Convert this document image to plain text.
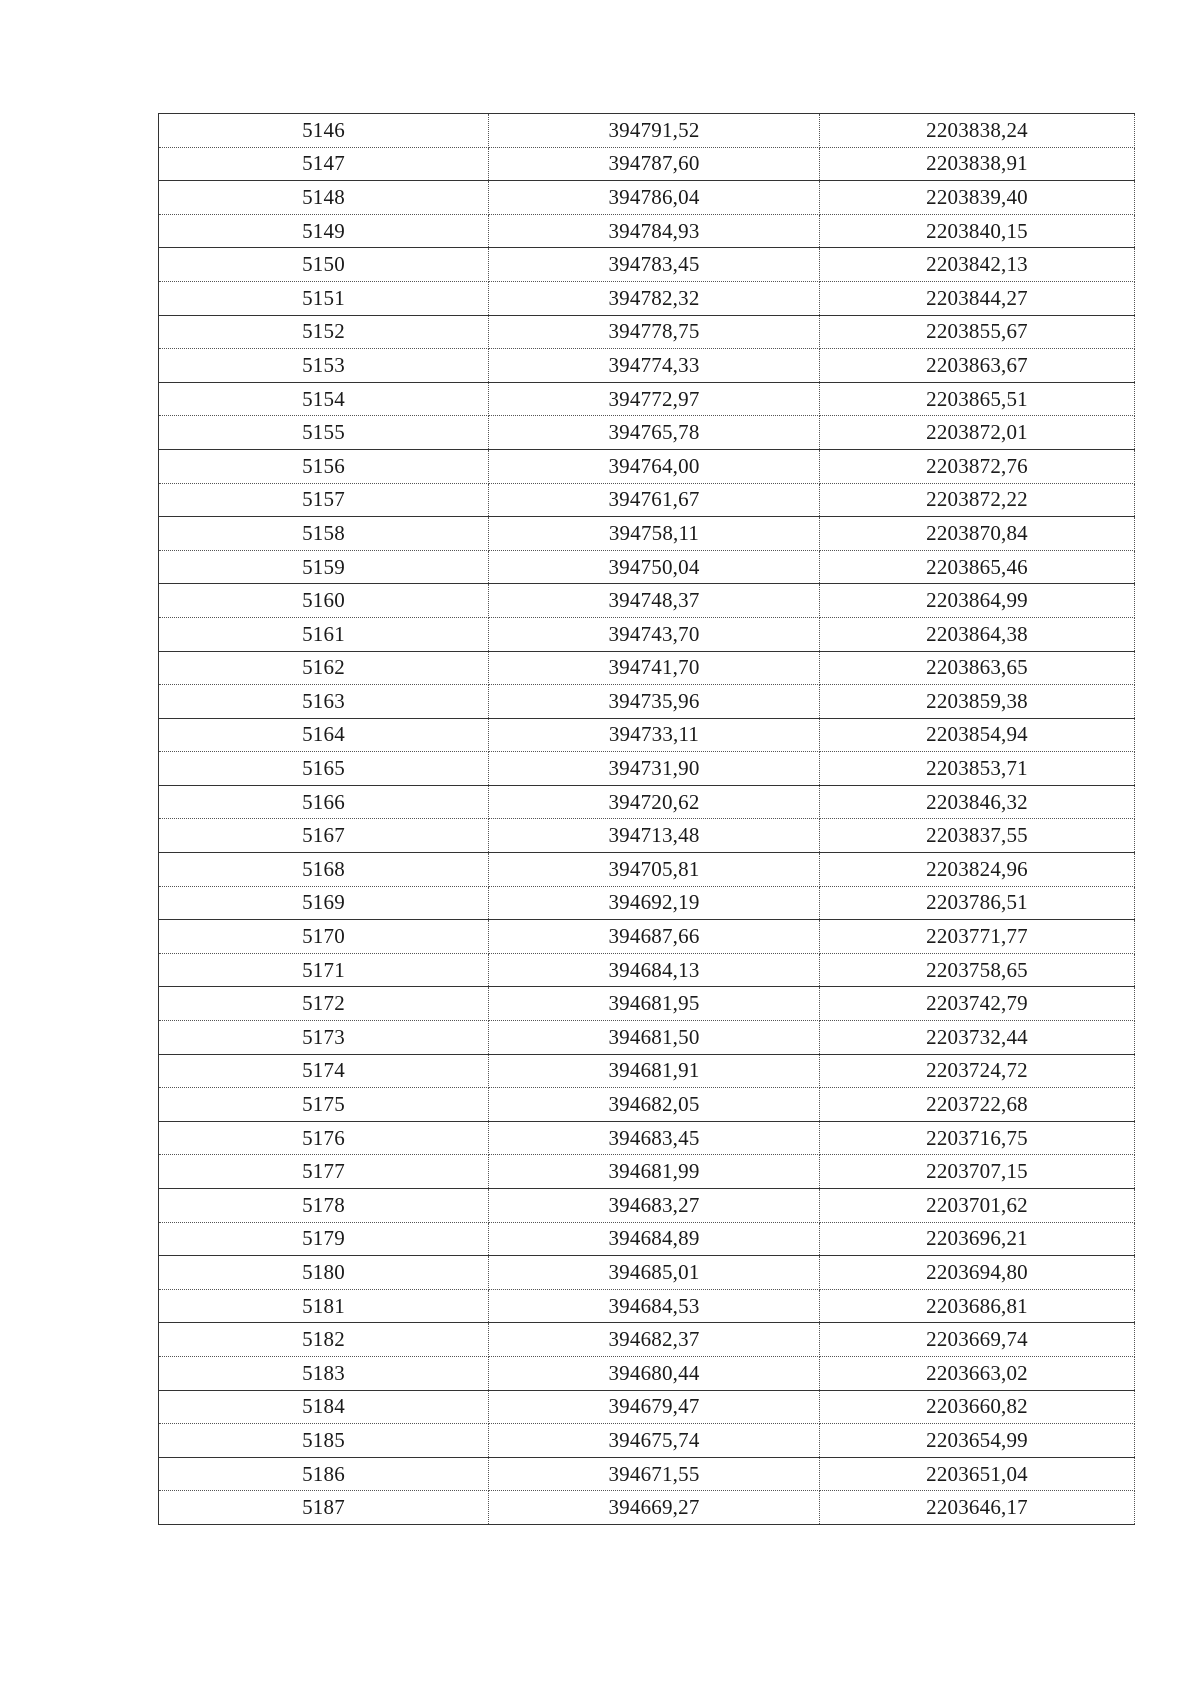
5146	394791,52	2203838,24
5147	394787,60	2203838,91
5148	394786,04	2203839,40
5149	394784,93	2203840,15
5150	394783,45	2203842,13
5151	394782,32	2203844,27
5152	394778,75	2203855,67
5153	394774,33	2203863,67
5154	394772,97	2203865,51
5155	394765,78	2203872,01
5156	394764,00	2203872,76
5157	394761,67	2203872,22
5158	394758,11	2203870,84
5159	394750,04	2203865,46
5160	394748,37	2203864,99
5161	394743,70	2203864,38
5162	394741,70	2203863,65
5163	394735,96	2203859,38
5164	394733,11	2203854,94
5165	394731,90	2203853,71
5166	394720,62	2203846,32
5167	394713,48	2203837,55
5168	394705,81	2203824,96
5169	394692,19	2203786,51
5170	394687,66	2203771,77
5171	394684,13	2203758,65
5172	394681,95	2203742,79
5173	394681,50	2203732,44
5174	394681,91	2203724,72
5175	394682,05	2203722,68
5176	394683,45	2203716,75
5177	394681,99	2203707,15
5178	394683,27	2203701,62
5179	394684,89	2203696,21
5180	394685,01	2203694,80
5181	394684,53	2203686,81
5182	394682,37	2203669,74
5183	394680,44	2203663,02
5184	394679,47	2203660,82
5185	394675,74	2203654,99
5186	394671,55	2203651,04
5187	394669,27	2203646,17
